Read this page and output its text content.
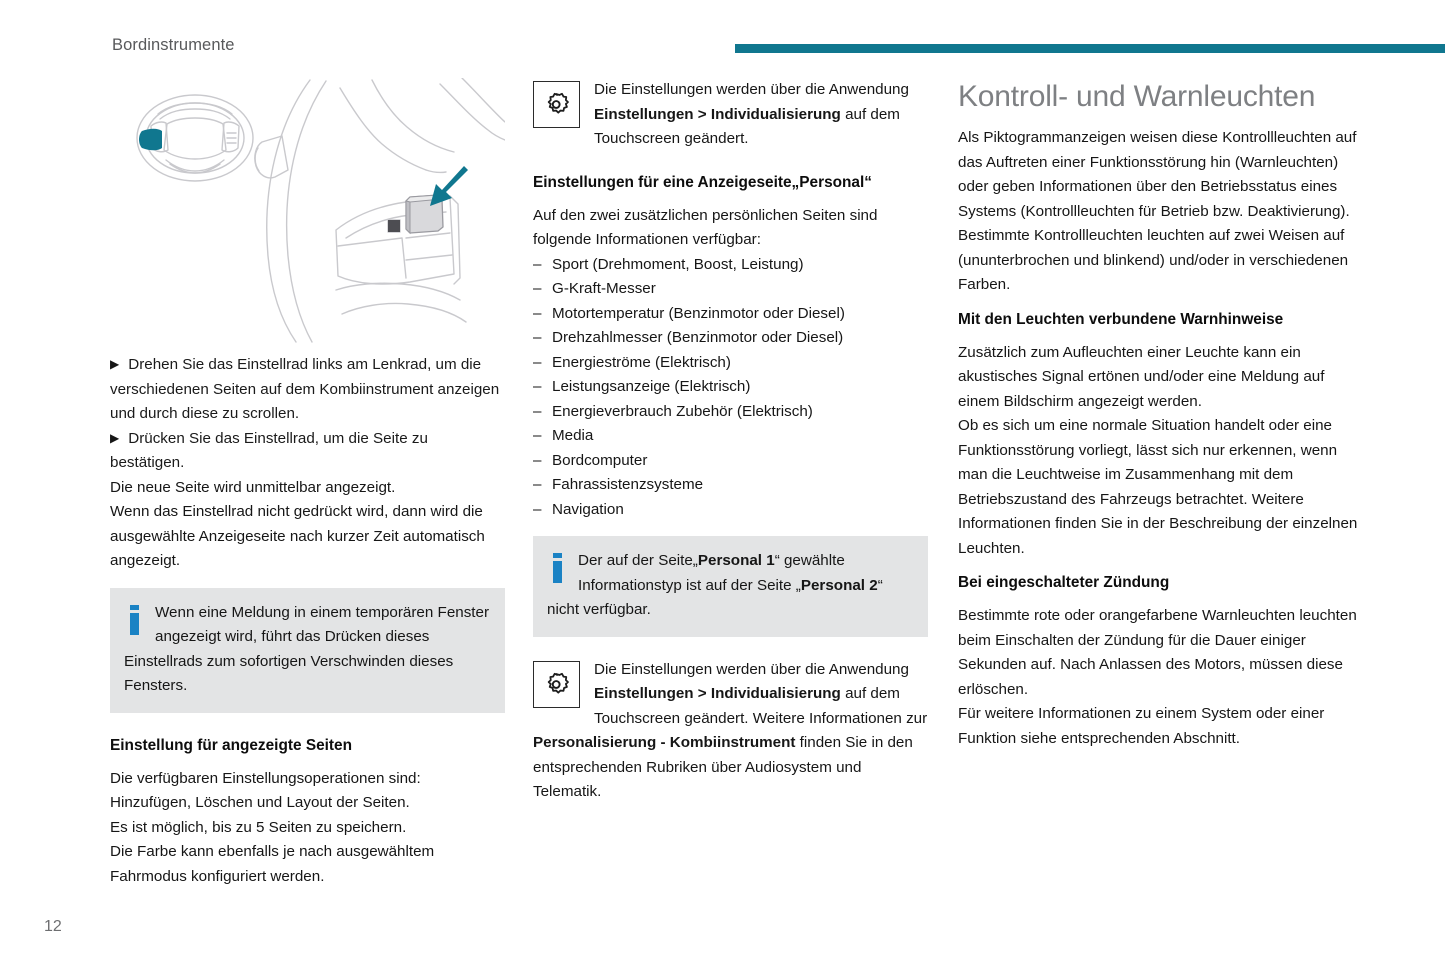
Bordinstrumente
▶ Drehen Sie das Einstellrad links am Lenkrad, um die verschiedenen Seiten auf dem Kombiinstrument anzeigen und durch diese zu scrollen.
▶ Drücken Sie das Einstellrad, um die Seite zu bestätigen.

Die neue Seite wird unmittelbar angezeigt.

Wenn das Einstellrad nicht gedrückt wird, dann wird die ausgewählte Anzeigeseite nach kurzer Zeit automatisch angezeigt.

Wenn eine Meldung in einem temporären Fenster angezeigt wird, führt das Drücken dieses Einstellrads zum sofortigen Verschwinden dieses Fensters.
Einstellung für angezeigte Seiten

Die verfügbaren Einstellungsoperationen sind: Hinzufügen, Löschen und Layout der Seiten.

Es ist möglich, bis zu 5 Seiten zu speichern.

Die Farbe kann ebenfalls je nach ausgewähltem Fahrmodus konfiguriert werden.

Die Einstellungen werden über die Anwendung Einstellungen > Individualisierung auf dem Touchscreen geändert.
Einstellungen für eine Anzeigeseite„Personal“

Auf den zwei zusätzlichen persönlichen Seiten sind folgende Informationen verfügbar:

– Sport (Drehmoment, Boost, Leistung)
– G-Kraft-Messer
– Motortemperatur (Benzinmotor oder Diesel)
– Drehzahlmesser (Benzinmotor oder Diesel)
– Energieströme (Elektrisch)
– Leistungsanzeige (Elektrisch)
– Energieverbrauch Zubehör (Elektrisch)
– Media
– Bordcomputer
– Fahrassistenzsysteme
– Navigation
Der auf der Seite„Personal 1“ gewählte Informationstyp ist auf der Seite „Personal 2“ nicht verfügbar.
Die Einstellungen werden über die Anwendung Einstellungen > Individualisierung auf dem Touchscreen geändert. Weitere Informationen zur Personalisierung - Kombiinstrument finden Sie in den entsprechenden Rubriken über Audiosystem und Telematik.
Kontroll- und Warnleuchten

Als Piktogrammanzeigen weisen diese Kontrollleuchten auf das Auftreten einer Funktionsstörung hin (Warnleuchten) oder geben Informationen über den Betriebsstatus eines Systems (Kontrollleuchten für Betrieb bzw. Deaktivierung). Bestimmte Kontrollleuchten leuchten auf zwei Weisen auf (ununterbrochen und blinkend) und/oder in verschiedenen Farben.

Mit den Leuchten verbundene Warnhinweise

Zusätzlich zum Aufleuchten einer Leuchte kann ein akustisches Signal ertönen und/oder eine Meldung auf einem Bildschirm angezeigt werden.

Ob es sich um eine normale Situation handelt oder eine Funktionsstörung vorliegt, lässt sich nur erkennen, wenn man die Leuchtweise im Zusammenhang mit dem Betriebszustand des Fahrzeugs betrachtet. Weitere Informationen finden Sie in der Beschreibung der einzelnen Leuchten.

Bei eingeschalteter Zündung

Bestimmte rote oder orangefarbene Warnleuchten leuchten beim Einschalten der Zündung für die Dauer einiger Sekunden auf. Nach Anlassen des Motors, müssen diese erlöschen.

Für weitere Informationen zu einem System oder einer Funktion siehe entsprechenden Abschnitt.

12
